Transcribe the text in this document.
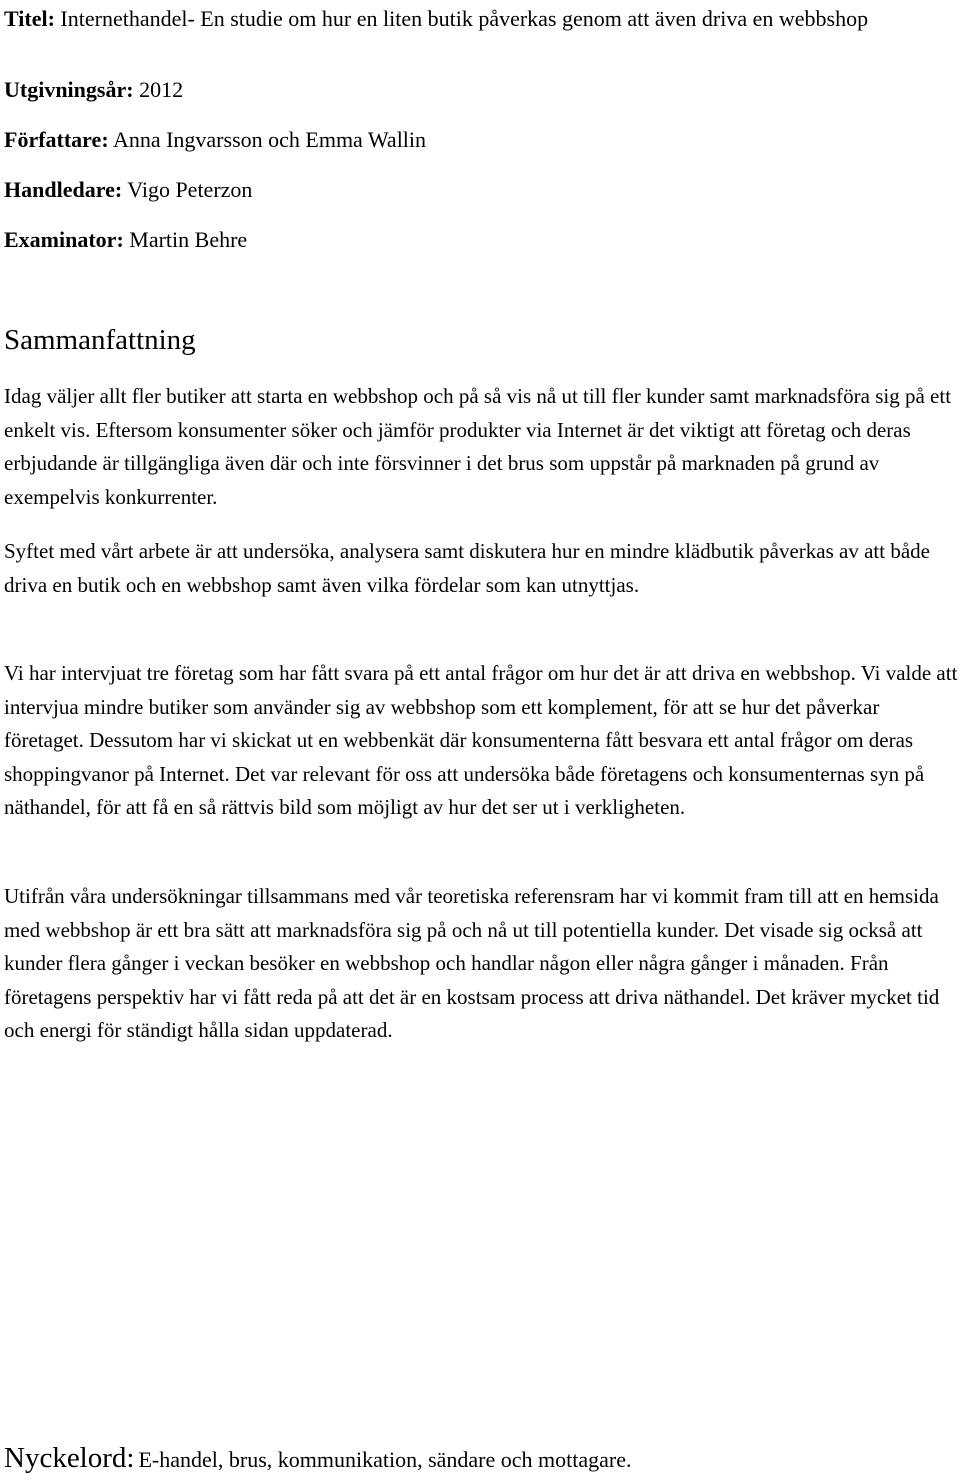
Titel: Internethandel- En studie om hur en liten butik påverkas genom att även driva en webbshop

Utgivningsår: 2012

Författare: Anna Ingvarsson och Emma Wallin

Handledare: Vigo Peterzon

Examinator: Martin Behre

Sammanfattning

Idag väljer allt fler butiker att starta en webbshop och på så vis nå ut till fler kunder samt marknadsföra sig på ett enkelt vis. Eftersom konsumenter söker och jämför produkter via Internet är det viktigt att företag och deras erbjudande är tillgängliga även där och inte försvinner i det brus som uppstår på marknaden på grund av exempelvis konkurrenter.

Syftet med vårt arbete är att undersöka, analysera samt diskutera hur en mindre klädbutik påverkas av att både driva en butik och en webbshop samt även vilka fördelar som kan utnyttjas.

Vi har intervjuat tre företag som har fått svara på ett antal frågor om hur det är att driva en webbshop. Vi valde att intervjua mindre butiker som använder sig av webbshop som ett komplement, för att se hur det påverkar företaget. Dessutom har vi skickat ut en webbenkät där konsumenterna fått besvara ett antal frågor om deras shoppingvanor på Internet. Det var relevant för oss att undersöka både företagens och konsumenternas syn på näthandel, för att få en så rättvis bild som möjligt av hur det ser ut i verkligheten.

Utifrån våra undersökningar tillsammans med vår teoretiska referensram har vi kommit fram till att en hemsida med webbshop är ett bra sätt att marknadsföra sig på och nå ut till potentiella kunder. Det visade sig också att kunder flera gånger i veckan besöker en webbshop och handlar någon eller några gånger i månaden. Från företagens perspektiv har vi fått reda på att det är en kostsam process att driva näthandel. Det kräver mycket tid och energi för ständigt hålla sidan uppdaterad.

Nyckelord: E-handel, brus, kommunikation, sändare och mottagare.
